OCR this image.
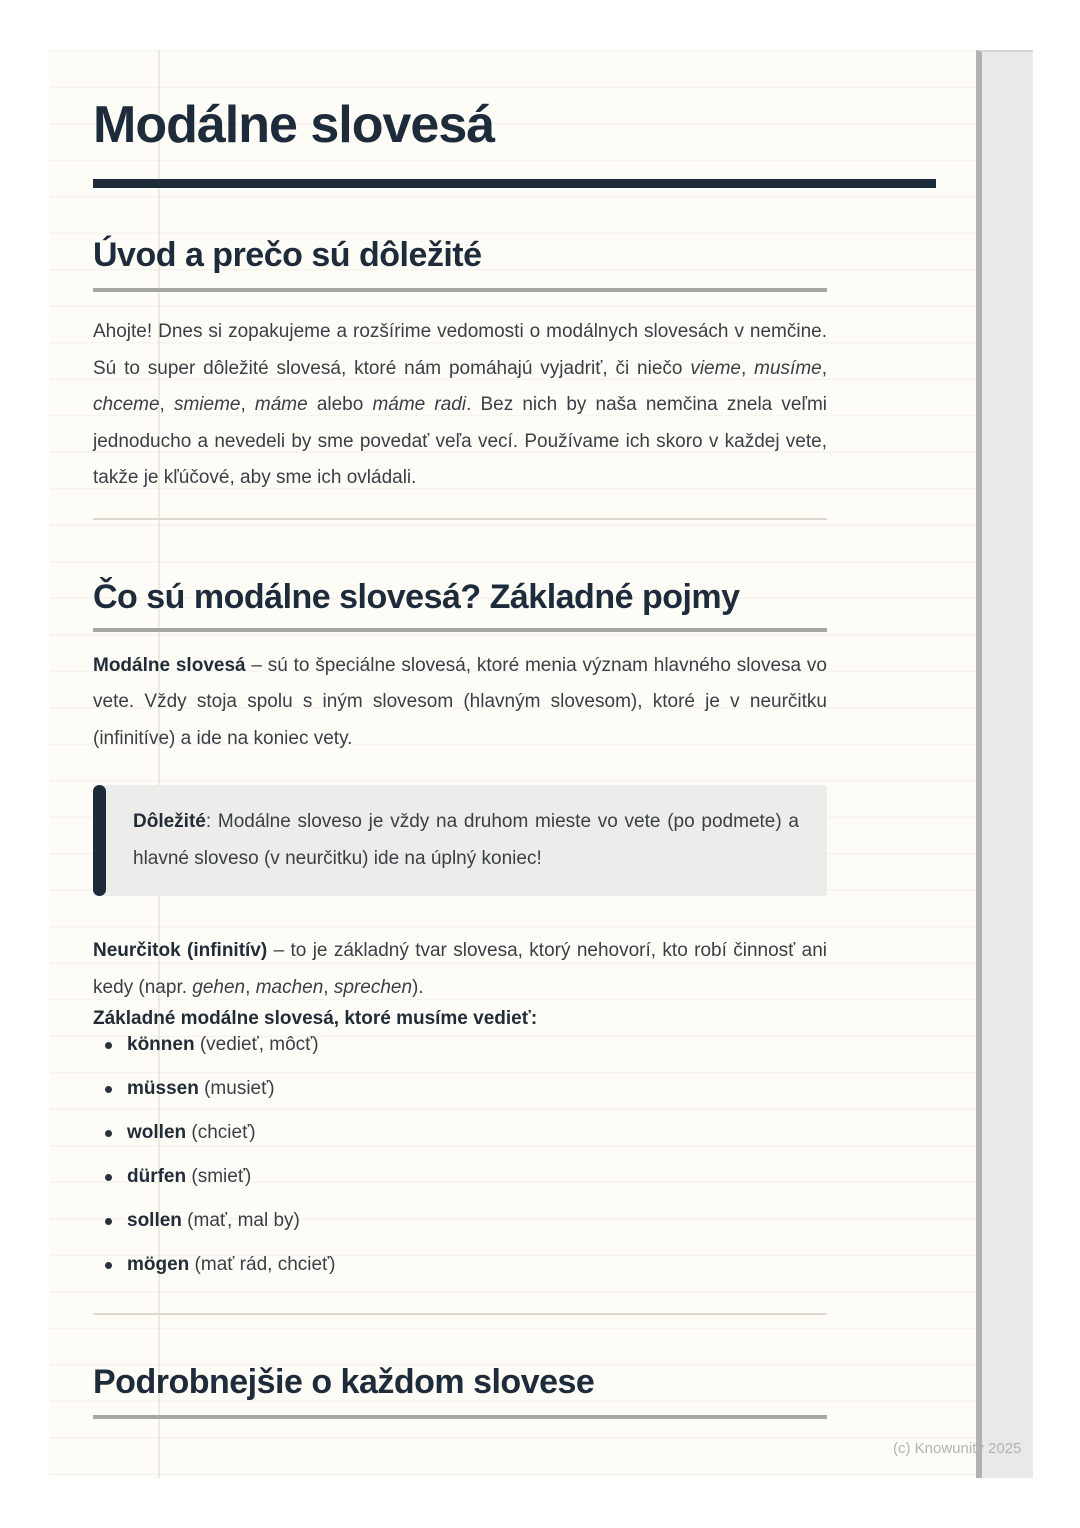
Modálne slovesá
Úvod a prečo sú dôležité

Ahojte! Dnes si zopakujeme a rozšírime vedomosti o modálnych slovesách v nemčine. Sú to super dôležité slovesá, ktoré nám pomáhajú vyjadriť, či niečo vieme, musíme, chceme, smieme, máme alebo máme radi. Bez nich by naša nemčina znela veľmi jednoducho a nevedeli by sme povedať veľa vecí. Používame ich skoro v každej vete, takže je kľúčové, aby sme ich ovládali.

Čo sú modálne slovesá? Základné pojmy

Modálne slovesá – sú to špeciálne slovesá, ktoré menia význam hlavného slovesa vo vete. Vždy stoja spolu s iným slovesom (hlavným slovesom), ktoré je v neurčitku (infinitíve) a ide na koniec vety.

Dôležité: Modálne sloveso je vždy na druhom mieste vo vete (po podmete) a hlavné sloveso (v neurčitku) ide na úplný koniec!

Neurčitok (infinitív) – to je základný tvar slovesa, ktorý nehovorí, kto robí činnosť ani kedy (napr. gehen, machen, sprechen).

Základné modálne slovesá, ktoré musíme vedieť:

können (vedieť, môcť)
müssen (musieť)
wollen (chcieť)
dürfen (smieť)
sollen (mať, mal by)
mögen (mať rád, chcieť)
Podrobnejšie o každom slovese
(c) Knowunity 2025
